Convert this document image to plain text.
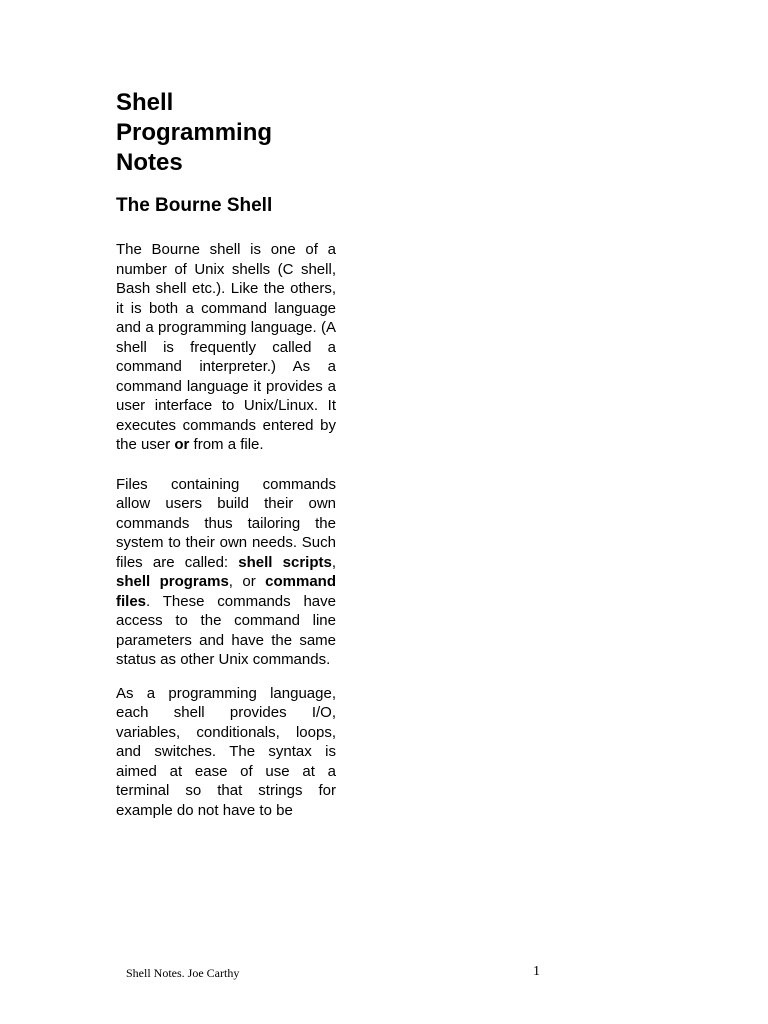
Shell
Programming
Notes
The Bourne Shell

The Bourne shell is one of a number of Unix shells (C shell, Bash shell etc.). Like the others, it is both a command language and a programming language. (A shell is frequently called a command interpreter.) As a command language it provides a user interface to Unix/Linux. It executes commands entered by the user or from a file.

Files containing commands allow users build their own commands thus tailoring the system to their own needs. Such files are called: shell scripts, shell programs, or command files. These commands have access to the command line parameters and have the same status as other Unix commands.

As a programming language, each shell provides I/O, variables, conditionals, loops, and switches. The syntax is aimed at ease of use at a terminal so that strings for example do not have to be

Shell Notes. Joe Carthy	1
